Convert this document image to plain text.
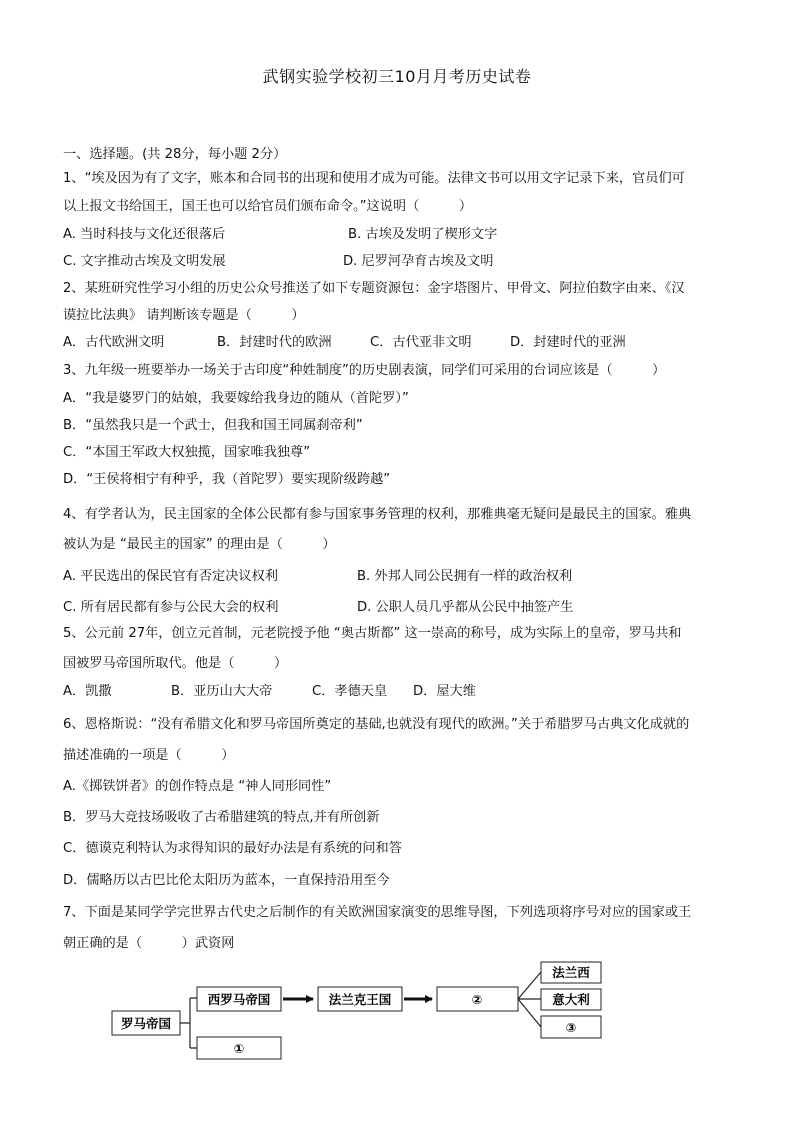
武钢实验学校初三10月月考历史试卷
一、选择题。(共 28分，每小题 2分）
1、“埃及因为有了文字，账本和合同书的出现和使用才成为可能。法律文书可以用文字记录下来，官员们可
以上报文书给国王，国王也可以给官员们颁布命令。”这说明（　　　）
A. 当时科技与文化还很落后	B. 古埃及发明了楔形文字
C. 文字推动古埃及文明发展	D. 尼罗河孕育古埃及文明
2、某班研究性学习小组的历史公众号推送了如下专题资源包：金字塔图片、甲骨文、阿拉伯数字由来、《汉
谟拉比法典》 请判断该专题是（　　　）
A．古代欧洲文明	B．封建时代的欧洲	C．古代亚非文明	D．封建时代的亚洲
3、九年级一班要举办一场关于古印度“种姓制度”的历史剧表演，同学们可采用的台词应该是（　　　）
A．“我是婆罗门的姑娘，我要嫁给我身边的随从（首陀罗）”
B．“虽然我只是一个武士，但我和国王同属刹帝利”
C．“本国王军政大权独揽，国家唯我独尊”
D．“王侯将相宁有种乎，我（首陀罗）要实现阶级跨越”
4、有学者认为，民主国家的全体公民都有参与国家事务管理的权利，那雅典毫无疑问是最民主的国家。雅典
被认为是 “最民主的国家” 的理由是（　　　）
A. 平民选出的保民官有否定决议权利	B. 外邦人同公民拥有一样的政治权利
C. 所有居民都有参与公民大会的权利	D. 公职人员几乎都从公民中抽签产生
5、公元前 27年，创立元首制，元老院授予他 “奥古斯都” 这一崇高的称号，成为实际上的皇帝，罗马共和
国被罗马帝国所取代。他是（　　　）
A．凯撒	B．亚历山大大帝	C．孝德天皇 D．屋大维
6、恩格斯说：“没有希腊文化和罗马帝国所奠定的基础,也就没有现代的欧洲。”关于希腊罗马古典文化成就的
描述准确的一项是（　　　）
A.《掷铁饼者》的创作特点是 “神人同形同性”
B．罗马大竞技场吸收了古希腊建筑的特点,并有所创新
C．德谟克利特认为求得知识的最好办法是有系统的问和答
D．儒略历以古巴比伦太阳历为蓝本，一直保持沿用至今
7、下面是某同学学完世界古代史之后制作的有关欧洲国家演变的思维导图，下列选项将序号对应的国家或王
朝正确的是（　　　）武资网
罗马帝国
西罗马帝国
①
法兰克王国	②
法兰西
意大利
③
